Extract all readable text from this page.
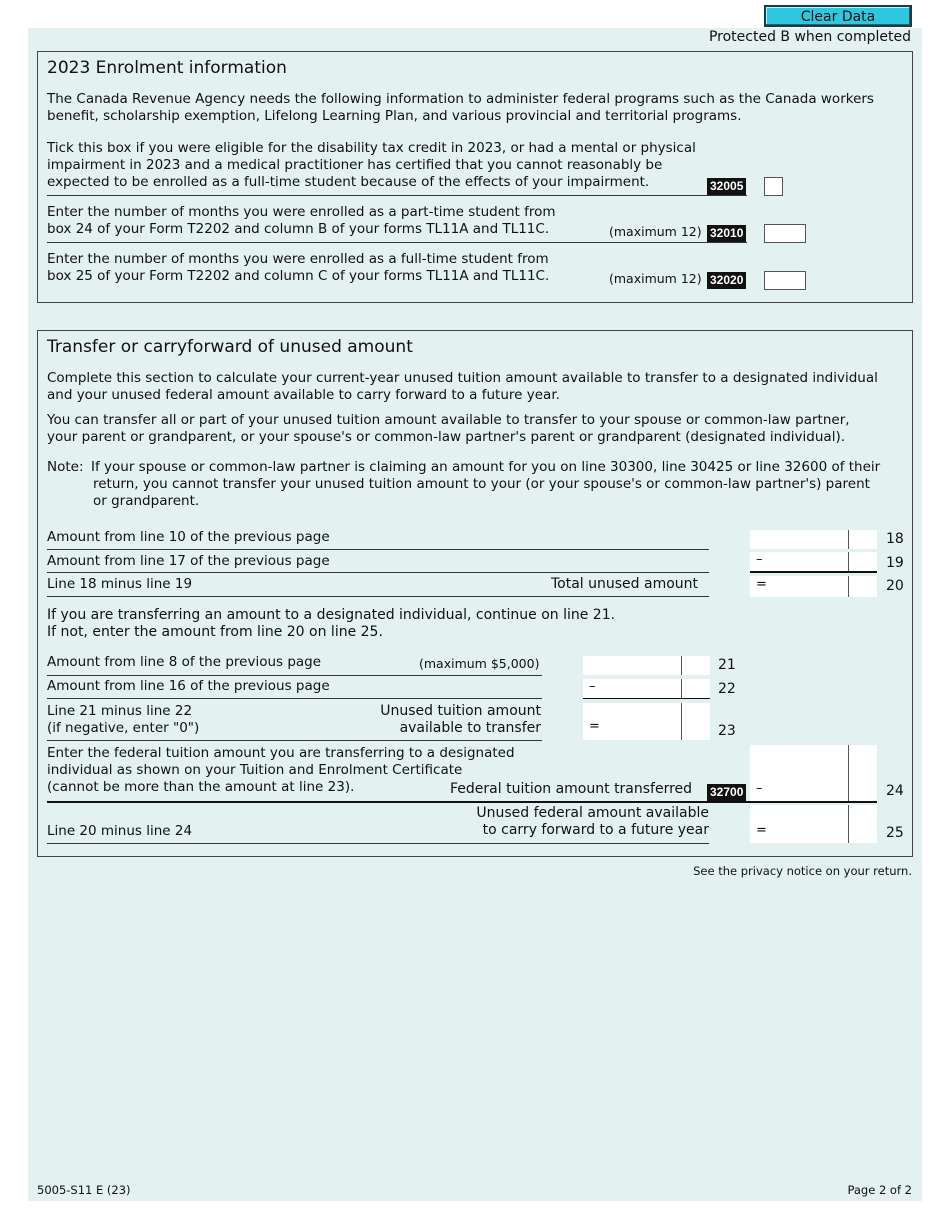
Clear Data
Protected B when completed
2023 Enrolment information
The Canada Revenue Agency needs the following information to administer federal programs such as the Canada workers
benefit, scholarship exemption, Lifelong Learning Plan, and various provincial and territorial programs.
Tick this box if you were eligible for the disability tax credit in 2023, or had a mental or physical
impairment in 2023 and a medical practitioner has certified that you cannot reasonably be
expected to be enrolled as a full-time student because of the effects of your impairment.	32005
Enter the number of months you were enrolled as a part-time student from
box 24 of your Form T2202 and column B of your forms TL11A and TL11C.	(maximum 12) 32010
Enter the number of months you were enrolled as a full-time student from
box 25 of your Form T2202 and column C of your forms TL11A and TL11C.	(maximum 12) 32020
Transfer or carryforward of unused amount
Complete this section to calculate your current-year unused tuition amount available to transfer to a designated individual
and your unused federal amount available to carry forward to a future year.
You can transfer all or part of your unused tuition amount available to transfer to your spouse or common-law partner,
your parent or grandparent, or your spouse's or common-law partner's parent or grandparent (designated individual).
Note: If your spouse or common-law partner is claiming an amount for you on line 30300, line 30425 or line 32600 of their
return, you cannot transfer your unused tuition amount to your (or your spouse's or common-law partner's) parent
or grandparent.
Amount from line 10 of the previous page	18
Amount from line 17 of the previous page	–	19
Line 18 minus line 19	Total unused amount	=	20
If you are transferring an amount to a designated individual, continue on line 21.
If not, enter the amount from line 20 on line 25.
Amount from line 8 of the previous page	(maximum $5,000)	21
Amount from line 16 of the previous page	–	22
Line 21 minus line 22
(if negative, enter "0")
Unused tuition amount
available to transfer	=	23
Enter the federal tuition amount you are transferring to a designated
individual as shown on your Tuition and Enrolment Certificate
(cannot be more than the amount at line 23).	Federal tuition amount transferred 32700 –	24
Line 20 minus line 24
Unused federal amount available
to carry forward to a future year	=	25
See the privacy notice on your return.
5005-S11 E (23)	Page 2 of 2
